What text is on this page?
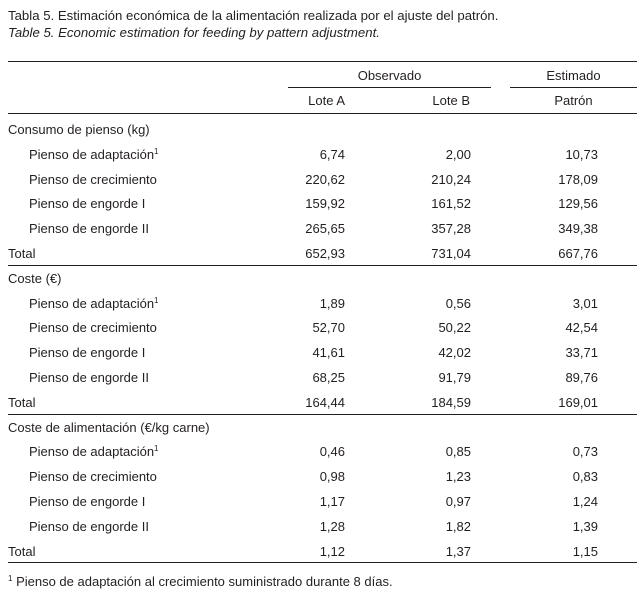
Tabla 5. Estimación económica de la alimentación realizada por el ajuste del patrón.
Table 5. Economic estimation for feeding by pattern adjustment.
Observado	Estimado
Lote A	Lote B	Patrón
Consumo de pienso (kg)
Pienso de adaptación$^1$	6,74	2,00	10,73
Pienso de crecimiento	220,62	210,24	178,09
Pienso de engorde I	159,92	161,52	129,56
Pienso de engorde II	265,65	357,28	349,38
Total	652,93	731,04	667,76
Coste (€)
Pienso de adaptación$^1$	1,89	0,56	3,01
Pienso de crecimiento	52,70	50,22	42,54
Pienso de engorde I	41,61	42,02	33,71
Pienso de engorde II	68,25	91,79	89,76
Total	164,44	184,59	169,01
Coste de alimentación (€/kg carne)
Pienso de adaptación$^1$	0,46	0,85	0,73
Pienso de crecimiento	0,98	1,23	0,83
Pienso de engorde I	1,17	0,97	1,24
Pienso de engorde II	1,28	1,82	1,39
Total	1,12	1,37	1,15
$^1$ Pienso de adaptación al crecimiento suministrado durante 8 días.
